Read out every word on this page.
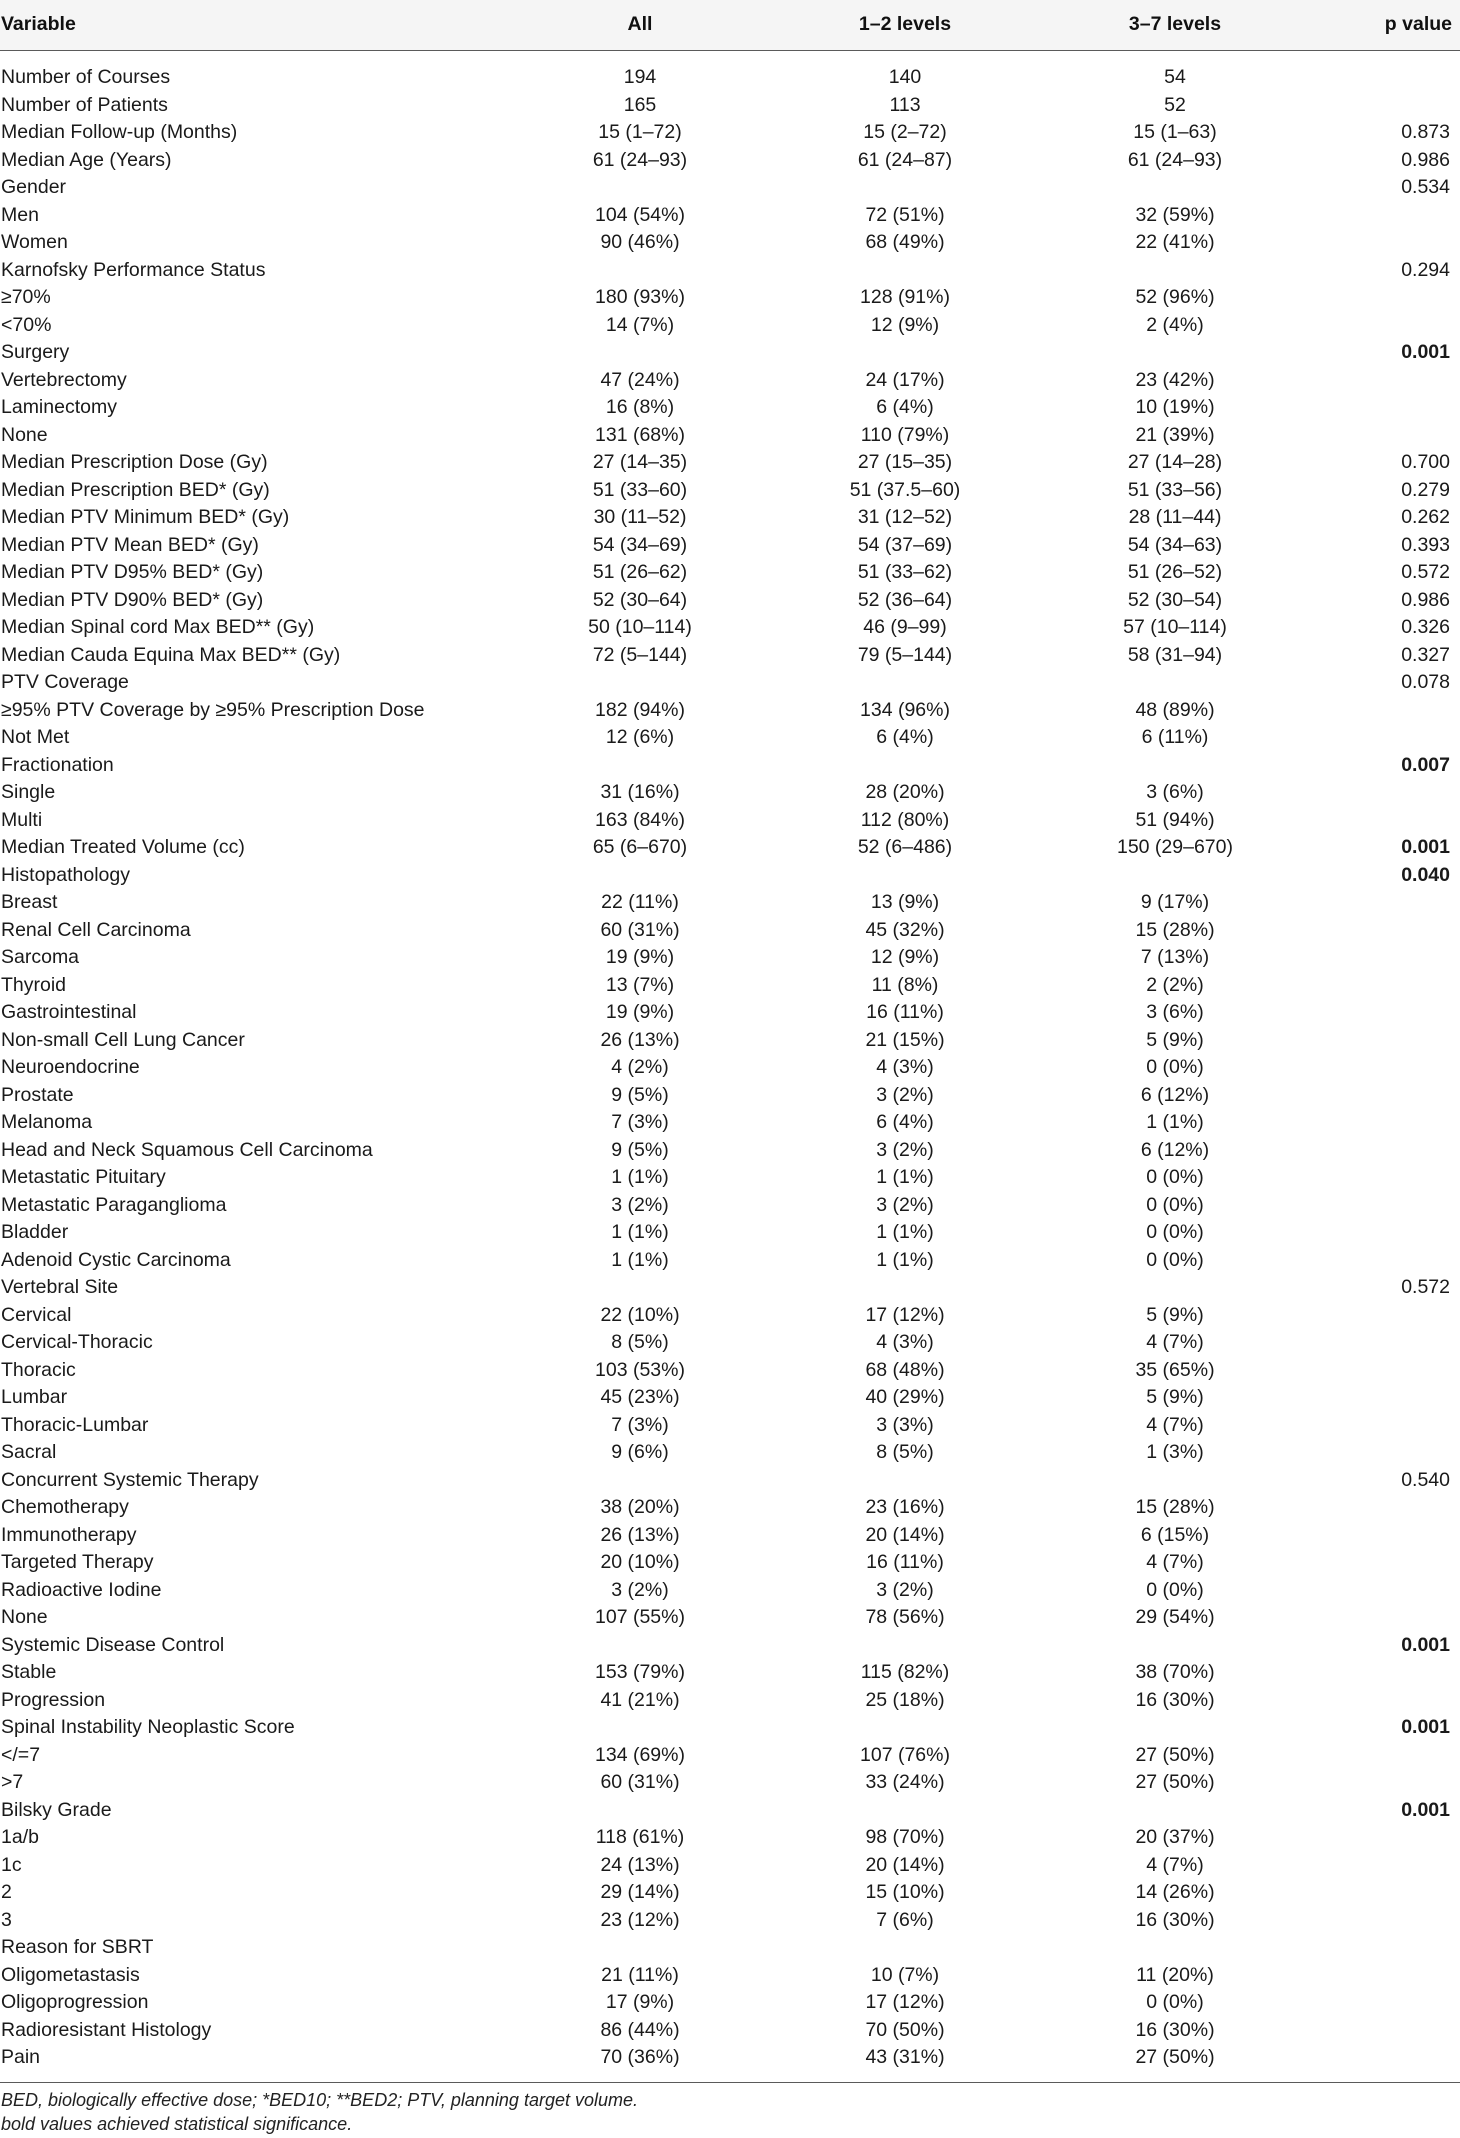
Variable	All	1–2 levels	3–7 levels	p value

Number of Courses	194	140	54	
Number of Patients	165	113	52	
Median Follow-up (Months)	15 (1–72)	15 (2–72)	15 (1–63)	0.873
Median Age (Years)	61 (24–93)	61 (24–87)	61 (24–93)	0.986
Gender				0.534
Men	104 (54%)	72 (51%)	32 (59%)	
Women	90 (46%)	68 (49%)	22 (41%)	
Karnofsky Performance Status				0.294
≥70%	180 (93%)	128 (91%)	52 (96%)	
<70%	14 (7%)	12 (9%)	2 (4%)	
Surgery				0.001
Vertebrectomy	47 (24%)	24 (17%)	23 (42%)	
Laminectomy	16 (8%)	6 (4%)	10 (19%)	
None	131 (68%)	110 (79%)	21 (39%)	
Median Prescription Dose (Gy)	27 (14–35)	27 (15–35)	27 (14–28)	0.700
Median Prescription BED* (Gy)	51 (33–60)	51 (37.5–60)	51 (33–56)	0.279
Median PTV Minimum BED* (Gy)	30 (11–52)	31 (12–52)	28 (11–44)	0.262
Median PTV Mean BED* (Gy)	54 (34–69)	54 (37–69)	54 (34–63)	0.393
Median PTV D95% BED* (Gy)	51 (26–62)	51 (33–62)	51 (26–52)	0.572
Median PTV D90% BED* (Gy)	52 (30–64)	52 (36–64)	52 (30–54)	0.986
Median Spinal cord Max BED** (Gy)	50 (10–114)	46 (9–99)	57 (10–114)	0.326
Median Cauda Equina Max BED** (Gy)	72 (5–144)	79 (5–144)	58 (31–94)	0.327
PTV Coverage				0.078
≥95% PTV Coverage by ≥95% Prescription Dose	182 (94%)	134 (96%)	48 (89%)	
Not Met	12 (6%)	6 (4%)	6 (11%)	
Fractionation				0.007
Single	31 (16%)	28 (20%)	3 (6%)	
Multi	163 (84%)	112 (80%)	51 (94%)	
Median Treated Volume (cc)	65 (6–670)	52 (6–486)	150 (29–670)	0.001
Histopathology				0.040
Breast	22 (11%)	13 (9%)	9 (17%)	
Renal Cell Carcinoma	60 (31%)	45 (32%)	15 (28%)	
Sarcoma	19 (9%)	12 (9%)	7 (13%)	
Thyroid	13 (7%)	11 (8%)	2 (2%)	
Gastrointestinal	19 (9%)	16 (11%)	3 (6%)	
Non-small Cell Lung Cancer	26 (13%)	21 (15%)	5 (9%)	
Neuroendocrine	4 (2%)	4 (3%)	0 (0%)	
Prostate	9 (5%)	3 (2%)	6 (12%)	
Melanoma	7 (3%)	6 (4%)	1 (1%)	
Head and Neck Squamous Cell Carcinoma	9 (5%)	3 (2%)	6 (12%)	
Metastatic Pituitary	1 (1%)	1 (1%)	0 (0%)	
Metastatic Paraganglioma	3 (2%)	3 (2%)	0 (0%)	
Bladder	1 (1%)	1 (1%)	0 (0%)	
Adenoid Cystic Carcinoma	1 (1%)	1 (1%)	0 (0%)	
Vertebral Site				0.572
Cervical	22 (10%)	17 (12%)	5 (9%)	
Cervical-Thoracic	8 (5%)	4 (3%)	4 (7%)	
Thoracic	103 (53%)	68 (48%)	35 (65%)	
Lumbar	45 (23%)	40 (29%)	5 (9%)	
Thoracic-Lumbar	7 (3%)	3 (3%)	4 (7%)	
Sacral	9 (6%)	8 (5%)	1 (3%)	
Concurrent Systemic Therapy				0.540
Chemotherapy	38 (20%)	23 (16%)	15 (28%)	
Immunotherapy	26 (13%)	20 (14%)	6 (15%)	
Targeted Therapy	20 (10%)	16 (11%)	4 (7%)	
Radioactive Iodine	3 (2%)	3 (2%)	0 (0%)	
None	107 (55%)	78 (56%)	29 (54%)	
Systemic Disease Control				0.001
Stable	153 (79%)	115 (82%)	38 (70%)	
Progression	41 (21%)	25 (18%)	16 (30%)	
Spinal Instability Neoplastic Score				0.001
</=7	134 (69%)	107 (76%)	27 (50%)	
>7	60 (31%)	33 (24%)	27 (50%)	
Bilsky Grade				0.001
1a/b	118 (61%)	98 (70%)	20 (37%)	
1c	24 (13%)	20 (14%)	4 (7%)	
2	29 (14%)	15 (10%)	14 (26%)	
3	23 (12%)	7 (6%)	16 (30%)	
Reason for SBRT				
Oligometastasis	21 (11%)	10 (7%)	11 (20%)	
Oligoprogression	17 (9%)	17 (12%)	0 (0%)	
Radioresistant Histology	86 (44%)	70 (50%)	16 (30%)	
Pain	70 (36%)	43 (31%)	27 (50%)	
BED, biologically effective dose; *BED10; **BED2; PTV, planning target volume.
bold values achieved statistical significance.
